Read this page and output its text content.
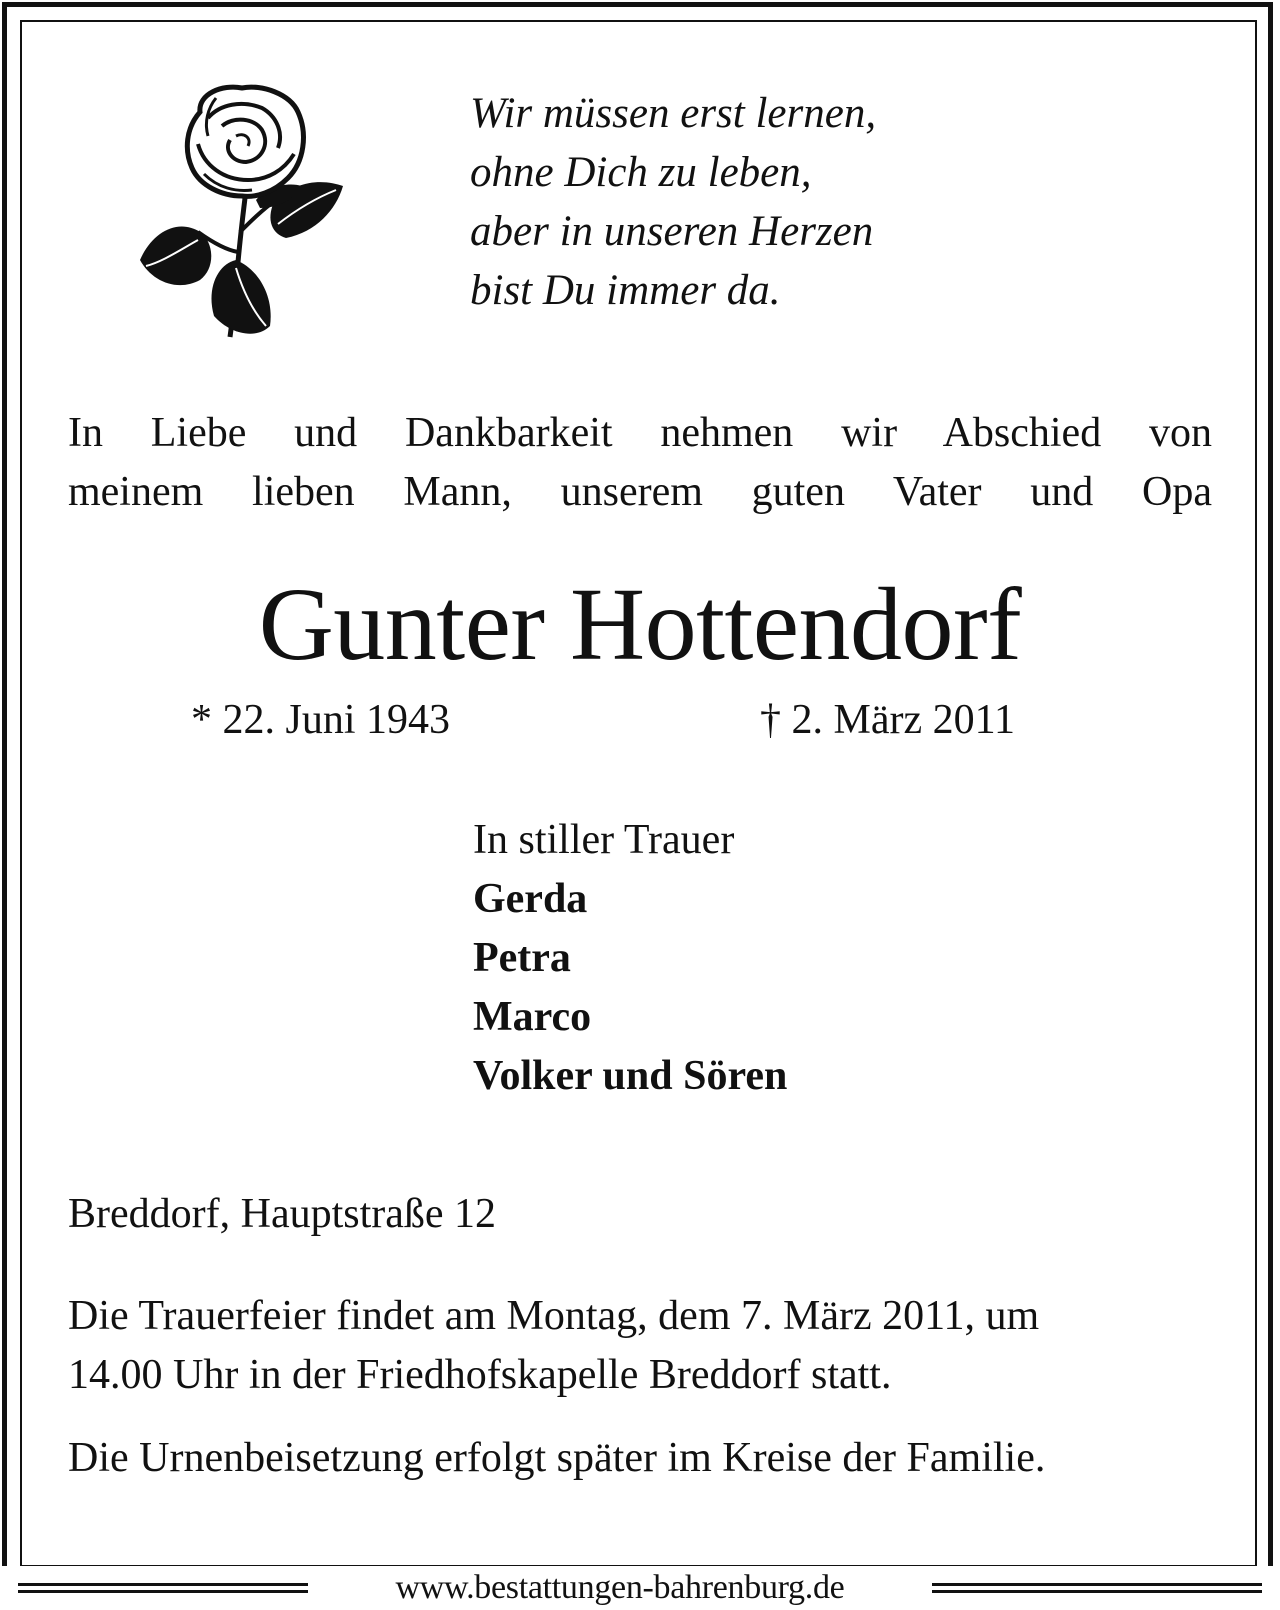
Wir müssen erst lernen,
ohne Dich zu leben,
aber in unseren Herzen
bist Du immer da.
In Liebe und Dankbarkeit nehmen wir Abschied von
meinem lieben Mann, unserem guten Vater und Opa
Gunter Hottendorf
* 22. Juni 1943	† 2. März 2011
In stiller Trauer
Gerda
Petra
Marco
Volker und Sören
Breddorf, Hauptstraße 12
Die Trauerfeier findet am Montag, dem 7. März 2011, um
14.00 Uhr in der Friedhofskapelle Breddorf statt.
Die Urnenbeisetzung erfolgt später im Kreise der Familie.
www.bestattungen-bahrenburg.de
